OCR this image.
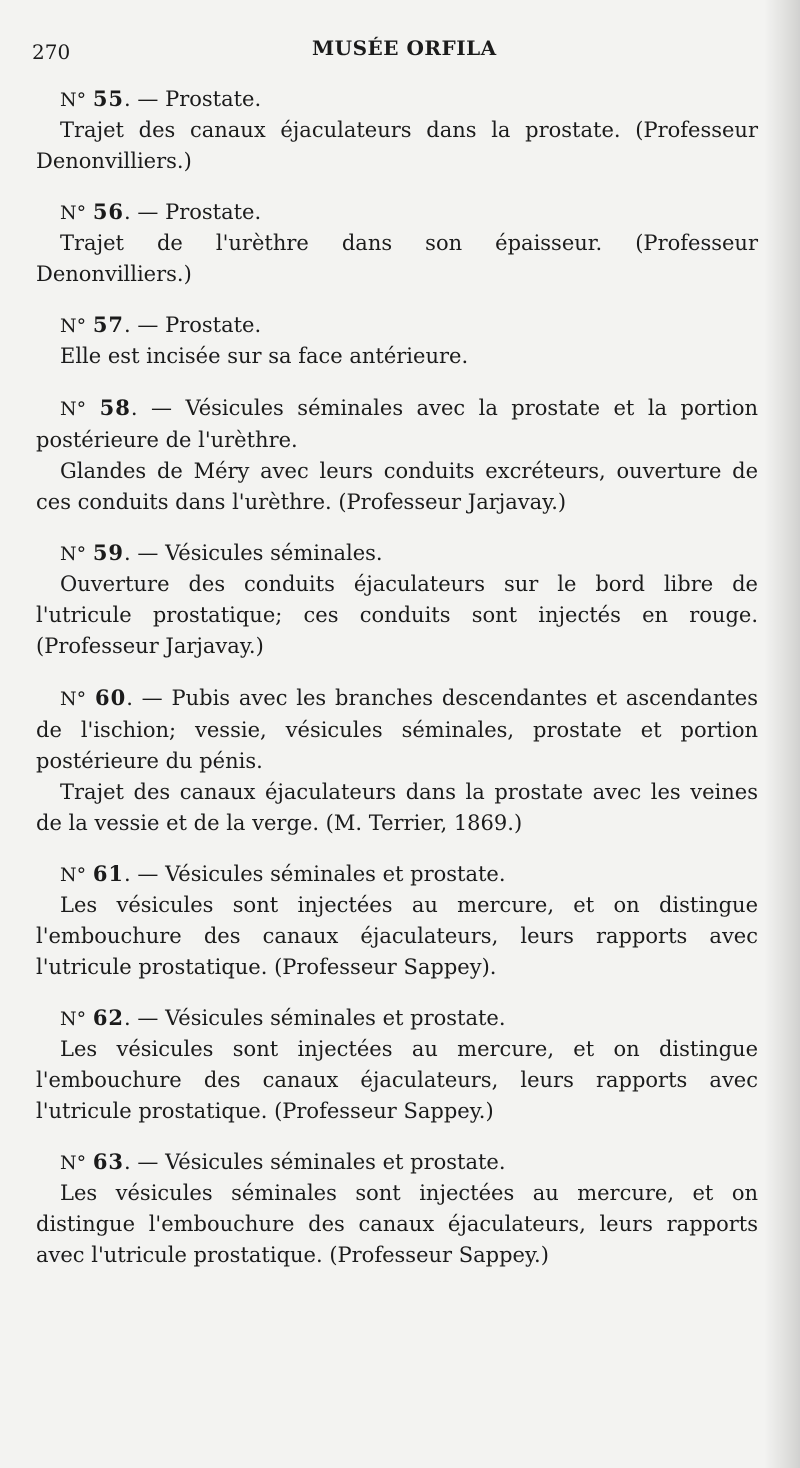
270	MUSÉE ORFILA
N° 55. — Prostate.

Trajet des canaux éjaculateurs dans la prostate. (Professeur Denonvilliers.)

N° 56. — Prostate.

Trajet de l'urèthre dans son épaisseur. (Professeur Denonvilliers.)

N° 57. — Prostate.

Elle est incisée sur sa face antérieure.

N° 58. — Vésicules séminales avec la prostate et la portion postérieure de l'urèthre.

Glandes de Méry avec leurs conduits excréteurs, ouverture de ces conduits dans l'urèthre. (Professeur Jarjavay.)

N° 59. — Vésicules séminales.

Ouverture des conduits éjaculateurs sur le bord libre de l'utricule prostatique; ces conduits sont injectés en rouge. (Professeur Jarjavay.)

N° 60. — Pubis avec les branches descendantes et ascendantes de l'ischion; vessie, vésicules séminales, prostate et portion postérieure du pénis.

Trajet des canaux éjaculateurs dans la prostate avec les veines de la vessie et de la verge. (M. Terrier, 1869.)

N° 61. — Vésicules séminales et prostate.

Les vésicules sont injectées au mercure, et on distingue l'embouchure des canaux éjaculateurs, leurs rapports avec l'utricule prostatique. (Professeur Sappey).

N° 62. — Vésicules séminales et prostate.

Les vésicules sont injectées au mercure, et on distingue l'embouchure des canaux éjaculateurs, leurs rapports avec l'utricule prostatique. (Professeur Sappey.)

N° 63. — Vésicules séminales et prostate.

Les vésicules séminales sont injectées au mercure, et on distingue l'embouchure des canaux éjaculateurs, leurs rapports avec l'utricule prostatique. (Professeur Sappey.)
